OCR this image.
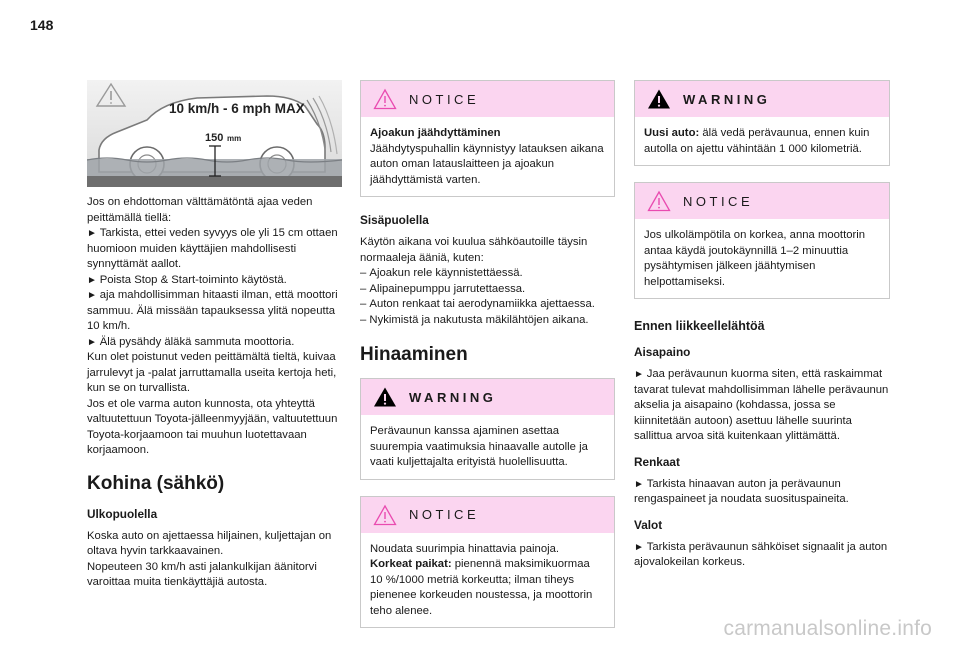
148
10 km/h - 6 mph MAX
150 mm

Jos on ehdottoman välttämätöntä ajaa veden peittämällä tiellä:

► Tarkista, ettei veden syvyys ole yli 15 cm ottaen huomioon muiden käyttäjien mahdollisesti synnyttämät aallot.

► Poista Stop & Start-toiminto käytöstä.

► aja mahdollisimman hitaasti ilman, että moottori sammuu. Älä missään tapauksessa ylitä nopeutta 10 km/h.

► Älä pysähdy äläkä sammuta moottoria.

Kun olet poistunut veden peittämältä tieltä, kuivaa jarrulevyt ja -palat jarruttamalla useita kertoja heti, kun se on turvallista.

Jos et ole varma auton kunnosta, ota yhteyttä valtuutettuun Toyota-jälleenmyyjään, valtuutettuun Toyota-korjaamoon tai muuhun luotettavaan korjaamoon.

Kohina (sähkö)
Ulkopuolella

Koska auto on ajettaessa hiljainen, kuljettajan on oltava hyvin tarkkaavainen.

Nopeuteen 30 km/h asti jalankulkijan äänitorvi varoittaa muita tienkäyttäjiä autosta.

NOTICE

Ajoakun jäähdyttäminen

Jäähdytyspuhallin käynnistyy latauksen aikana auton oman latauslaitteen ja ajoakun jäähdyttämistä varten.

Sisäpuolella

Käytön aikana voi kuulua sähköautoille täysin normaaleja ääniä, kuten:

– Ajoakun rele käynnistettäessä.

– Alipainepumppu jarrutettaessa.

– Auton renkaat tai aerodynamiikka ajettaessa.

– Nykimistä ja nakutusta mäkilähtöjen aikana.

Hinaaminen
WARNING

Perävaunun kanssa ajaminen asettaa suurempia vaatimuksia hinaavalle autolle ja vaati kuljettajalta erityistä huolellisuutta.

NOTICE

Noudata suurimpia hinattavia painoja.

Korkeat paikat: pienennä maksimikuormaa 10 %/1000 metriä korkeutta; ilman tiheys pienenee korkeuden noustessa, ja moottorin teho alenee.

WARNING

Uusi auto: älä vedä perävaunua, ennen kuin autolla on ajettu vähintään 1 000 kilometriä.

NOTICE

Jos ulkolämpötila on korkea, anna moottorin antaa käydä joutokäynnillä 1–2 minuuttia pysähtymisen jälkeen jäähtymisen helpottamiseksi.

Ennen liikkeellelähtöä
Aisapaino

► Jaa perävaunun kuorma siten, että raskaimmat tavarat tulevat mahdollisimman lähelle perävaunun akselia ja aisapaino (kohdassa, jossa se kiinnitetään autoon) asettuu lähelle suurinta sallittua arvoa sitä kuitenkaan ylittämättä.

Renkaat

► Tarkista hinaavan auton ja perävaunun rengaspaineet ja noudata suosituspaineita.

Valot

► Tarkista perävaunun sähköiset signaalit ja auton ajovalokeilan korkeus.

carmanualsonline.info
